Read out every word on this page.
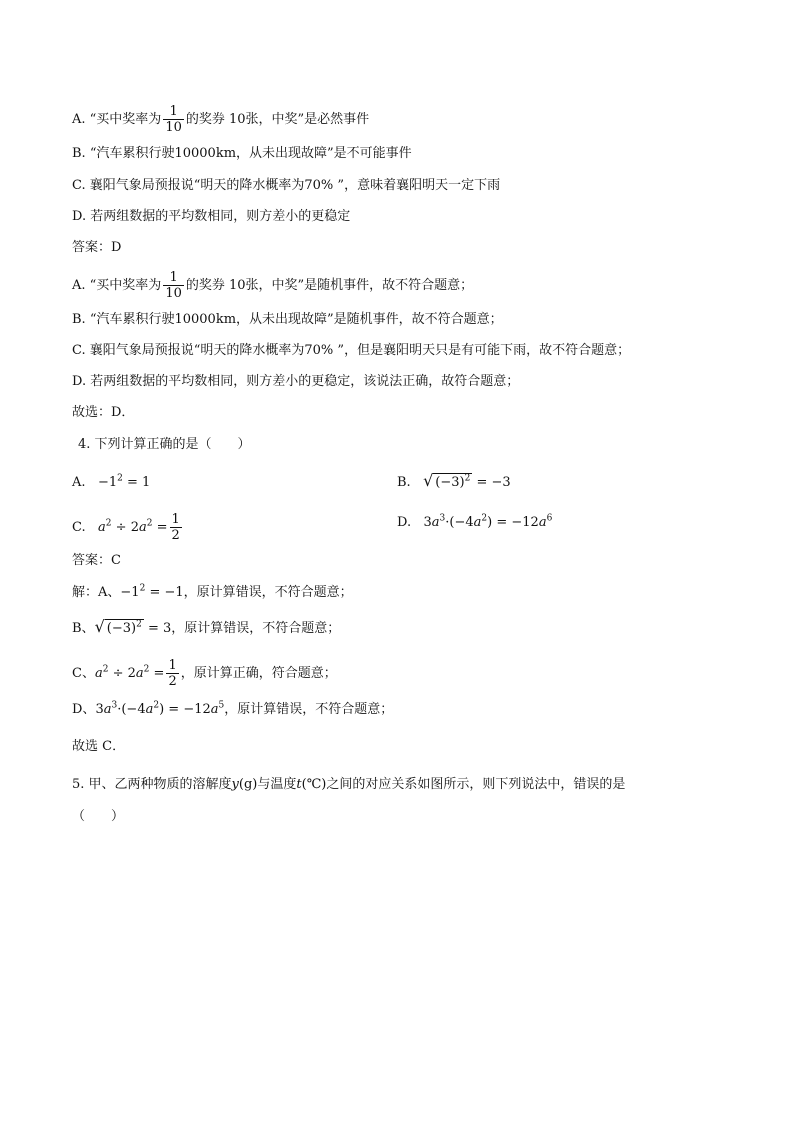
A. “买中奖率为 $\frac{1}{10}$ 的奖券 10张，中奖”是必然事件
B. “汽车累积行驶10000km，从未出现故障”是不可能事件
C. 襄阳气象局预报说“明天的降水概率为70% ”，意味着襄阳明天一定下雨
D. 若两组数据的平均数相同，则方差小的更稳定
答案：D
A. “买中奖率为 $\frac{1}{10}$ 的奖券 10张，中奖”是随机事件，故不符合题意；
B. “汽车累积行驶10000km，从未出现故障”是随机事件，故不符合题意；
C. 襄阳气象局预报说“明天的降水概率为70% ”，但是襄阳明天只是有可能下雨，故不符合题意；
D. 若两组数据的平均数相同，则方差小的更稳定，该说法正确，故符合题意；
故选：D．
4. 下列计算正确的是（　　）
A. $-1^2 = 1$	B. √ $(-3)^2 = -3$
C. $a^2 \div 2a^2 = \frac{1}{2}$	D. $3a^3\cdot(-4a^2) = -12a^6$
答案：C
解：A、$-1^2 = -1$，原计算错误，不符合题意；
B、√ $(-3)^2 = 3$，原计算错误，不符合题意；
C、$a^2 \div 2a^2 = \frac{1}{2}$ ，原计算正确，符合题意；
D、$3a^3\cdot(-4a^2) = -12a^5$，原计算错误，不符合题意；
故选 C．
5. 甲、乙两种物质的溶解度y(g)与温度t(℃)之间的对应关系如图所示，则下列说法中，错误的是
（　　）
